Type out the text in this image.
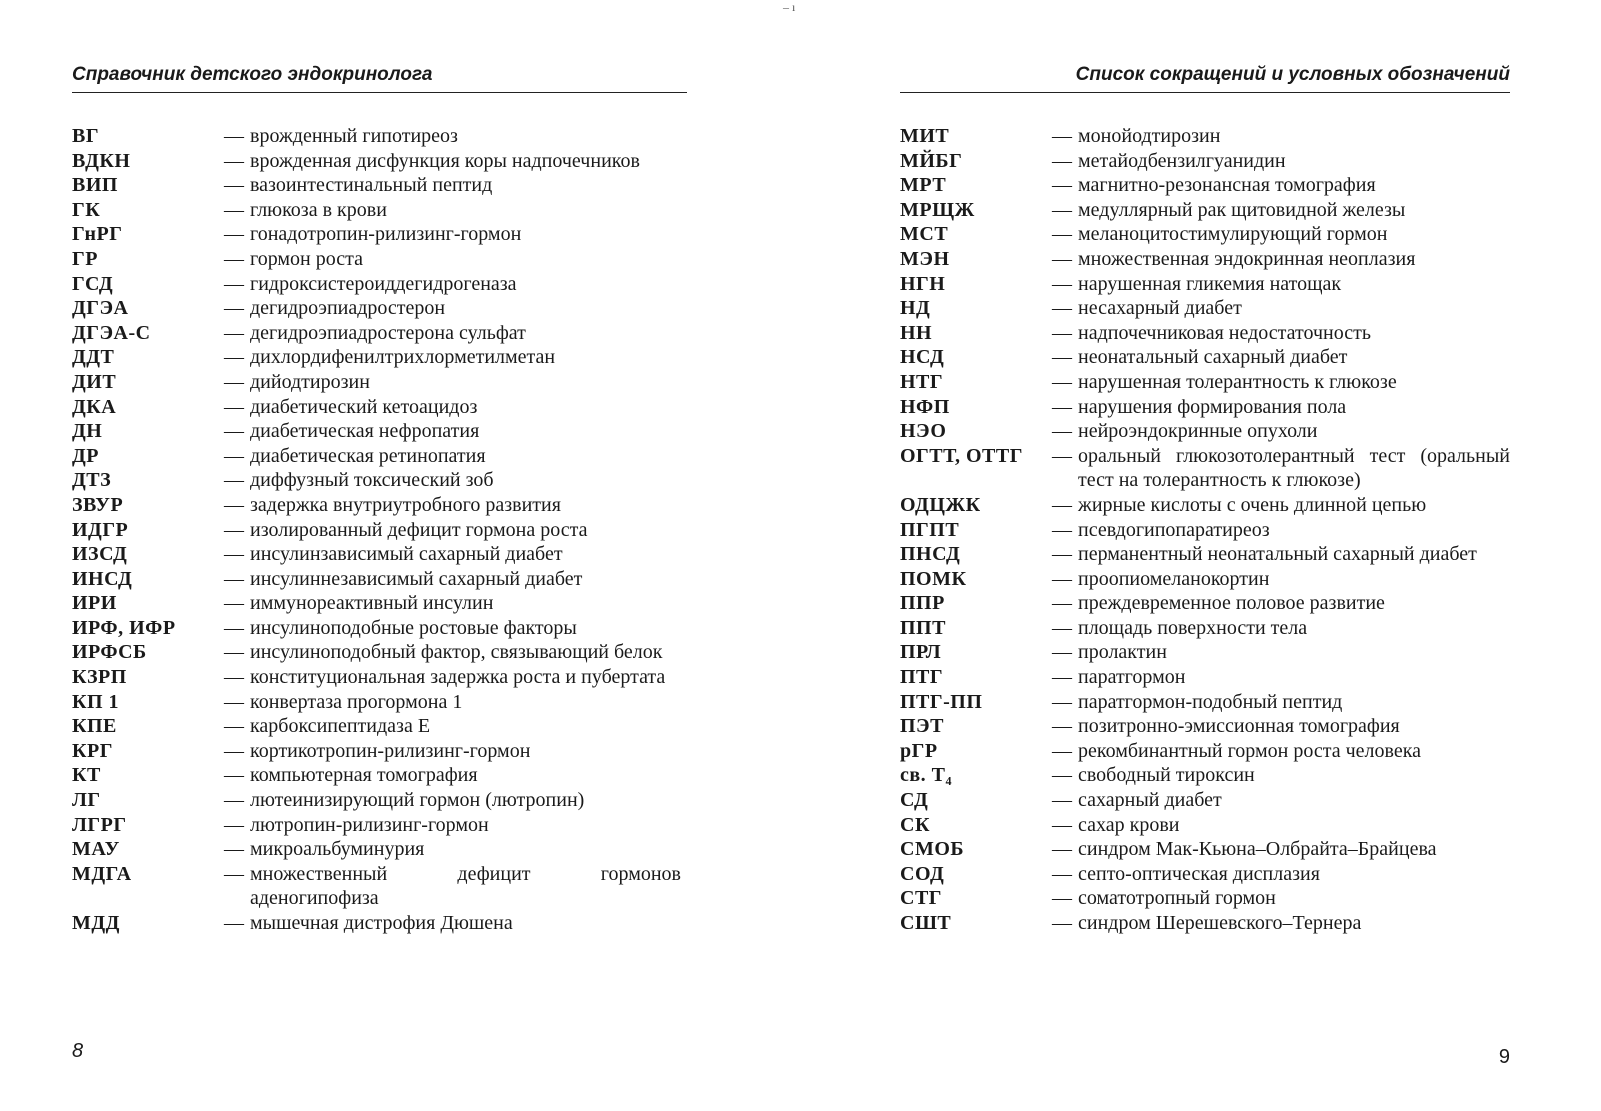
– ı
Справочник детского эндокринолога
ВГ	— врожденный гипотиреоз
ВДКН	— врожденная дисфункция коры надпочечников
ВИП	— вазоинтестинальный пептид
ГК	— глюкоза в крови
ГнРГ	— гонадотропин-рилизинг-гормон
ГР	— гормон роста
ГСД	— гидроксистероиддегидрогеназа
ДГЭА	— дегидроэпиадростерон
ДГЭА-С	— дегидроэпиадростерона сульфат
ДДТ	— дихлордифенилтрихлорметилметан
ДИТ	— дийодтирозин
ДКА	— диабетический кетоацидоз
ДН	— диабетическая нефропатия
ДР	— диабетическая ретинопатия
ДТЗ	— диффузный токсический зоб
ЗВУР	— задержка внутриутробного развития
ИДГР	— изолированный дефицит гормона роста
ИЗСД	— инсулинзависимый сахарный диабет
ИНСД	— инсулиннезависимый сахарный диабет
ИРИ	— иммунореактивный инсулин
ИРФ, ИФР	— инсулиноподобные ростовые факторы
ИРФСБ	— инсулиноподобный фактор, связывающий белок
КЗРП	— конституциональная задержка роста и пубертата
КП 1	— конвертаза прогормона 1
КПЕ	— карбоксипептидаза Е
КРГ	— кортикотропин-рилизинг-гормон
КТ	— компьютерная томография
ЛГ	— лютеинизирующий гормон (лютропин)
ЛГРГ	— лютропин-рилизинг-гормон
МАУ	— микроальбуминурия
МДГА	— множественный дефицит гормонов аденогипофиза
МДД	— мышечная дистрофия Дюшена
8
Список сокращений и условных обозначений
МИТ	— монойодтирозин
МЙБГ	— метайодбензилгуанидин
МРТ	— магнитно-резонансная томография
МРЩЖ	— медуллярный рак щитовидной железы
МСТ	— меланоцитостимулирующий гормон
МЭН	— множественная эндокринная неоплазия
НГН	— нарушенная гликемия натощак
НД	— несахарный диабет
НН	— надпочечниковая недостаточность
НСД	— неонатальный сахарный диабет
НТГ	— нарушенная толерантность к глюкозе
НФП	— нарушения формирования пола
НЭО	— нейроэндокринные опухоли
ОГТТ, ОТТГ	— оральный глюкозотолерантный тест (оральный тест на толерантность к глюкозе)
ОДЦЖК	— жирные кислоты с очень длинной цепью
ПГПТ	— псевдогипопаратиреоз
ПНСД	— перманентный неонатальный сахарный диабет
ПОМК	— проопиомеланокортин
ППР	— преждевременное половое развитие
ППТ	— площадь поверхности тела
ПРЛ	— пролактин
ПТГ	— паратгормон
ПТГ-ПП	— паратгормон-подобный пептид
ПЭТ	— позитронно-эмиссионная томография
рГР	— рекомбинантный гормон роста человека
св. Т₄	— свободный тироксин
СД	— сахарный диабет
СК	— сахар крови
СМОБ	— синдром Мак-Кьюна–Олбрайта–Брайцева
СОД	— септо-оптическая дисплазия
СТГ	— соматотропный гормон
СШТ	— синдром Шерешевского–Тернера
9
